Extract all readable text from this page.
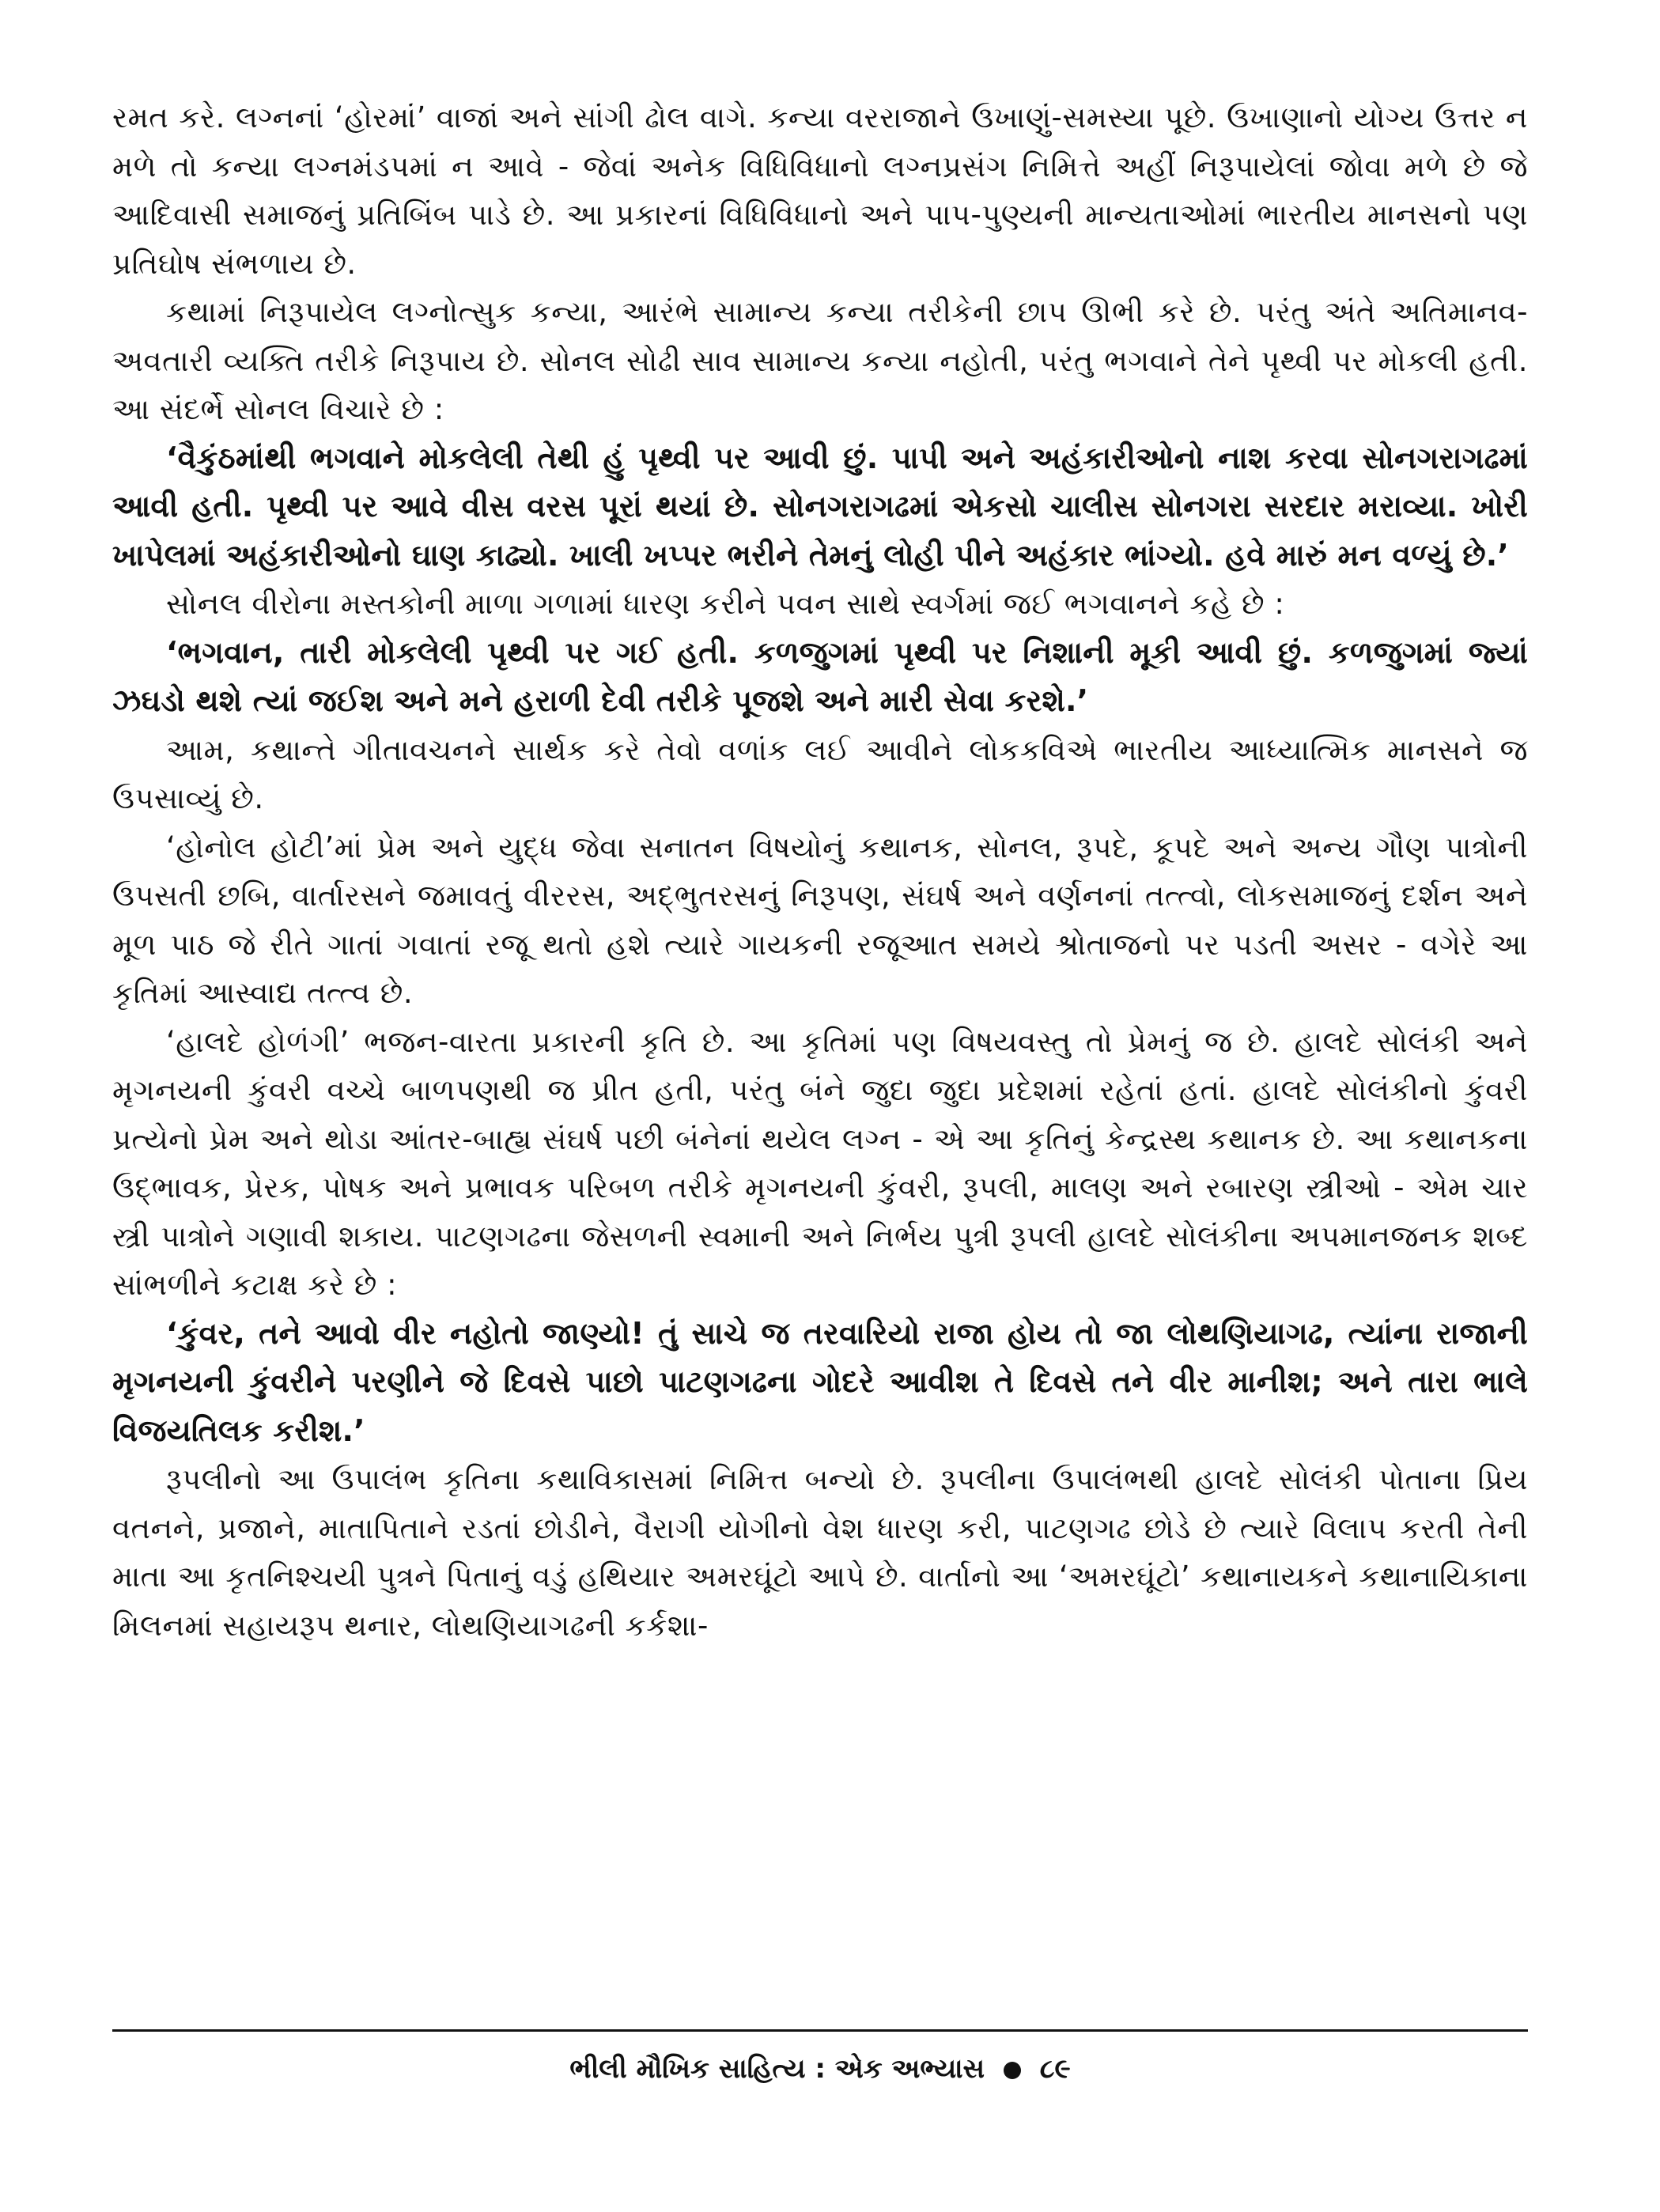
રમત કરે. લગ્નનાં ‘હોરમાં’ વાજાં અને સાંગી ઢોલ વાગે. કન્યા વરરાજાને ઉખાણું-સમસ્યા પૂછે. ઉખાણાનો યોગ્ય ઉત્તર ન મળે તો કન્યા લગ્નમંડપમાં ન આવે - જેવાં અનેક વિધિવિધાનો લગ્નપ્રસંગ નિમિત્તે અહીં નિરૂપાયેલાં જોવા મળે છે જે આદિવાસી સમાજનું પ્રતિબિંબ પાડે છે. આ પ્રકારનાં વિધિવિધાનો અને પાપ-પુણ્યની માન્યતાઓમાં ભારતીય માનસનો પણ પ્રતિઘોષ સંભળાય છે.

કથામાં નિરૂપાયેલ લગ્નોત્સુક કન્યા, આરંભે સામાન્ય કન્યા તરીકેની છાપ ઊભી કરે છે. પરંતુ અંતે અતિમાનવ-અવતારી વ્યક્તિ તરીકે નિરૂપાય છે. સોનલ સોઢી સાવ સામાન્ય કન્યા નહોતી, પરંતુ ભગવાને તેને પૃથ્વી પર મોકલી હતી. આ સંદર્ભે સોનલ વિચારે છે :

‘વૈકુંઠમાંથી ભગવાને મોકલેલી તેથી હું પૃથ્વી પર આવી છું. પાપી અને અહંકારીઓનો નાશ કરવા સોનગરાગઢમાં આવી હતી. પૃથ્વી પર આવે વીસ વરસ પૂરાં થયાં છે. સોનગરાગઢમાં એકસો ચાલીસ સોનગરા સરદાર મરાવ્યા. ખોરી ખાપેલમાં અહંકારીઓનો ઘાણ કાઢ્યો. ખાલી ખપ્પર ભરીને તેમનું લોહી પીને અહંકાર ભાંગ્યો. હવે મારું મન વળ્યું છે.’

સોનલ વીરોના મસ્તકોની માળા ગળામાં ધારણ કરીને પવન સાથે સ્વર્ગમાં જઈ ભગવાનને કહે છે :

‘ભગવાન, તારી મોકલેલી પૃથ્વી પર ગઈ હતી. કળજુગમાં પૃથ્વી પર નિશાની મૂકી આવી છું. કળજુગમાં જ્યાં ઝઘડો થશે ત્યાં જઈશ અને મને હરાળી દેવી તરીકે પૂજશે અને મારી સેવા કરશે.’

આમ, કથાન્તે ગીતાવચનને સાર્થક કરે તેવો વળાંક લઈ આવીને લોકકવિએ ભારતીય આધ્યાત્મિક માનસને જ ઉપસાવ્યું છે.

‘હોનોલ હોટી’માં પ્રેમ અને યુદ્ધ જેવા સનાતન વિષયોનું કથાનક, સોનલ, રૂપદે, કૂપદે અને અન્ય ગૌણ પાત્રોની ઉપસતી છબિ, વાર્તારસને જમાવતું વીરરસ, અદ્ભુતરસનું નિરૂપણ, સંઘર્ષ અને વર્ણનનાં તત્ત્વો, લોકસમાજનું દર્શન અને મૂળ પાઠ જે રીતે ગાતાં ગવાતાં રજૂ થતો હશે ત્યારે ગાયકની રજૂઆત સમયે શ્રોતાજનો પર પડતી અસર - વગેરે આ કૃતિમાં આસ્વાદ્ય તત્ત્વ છે.

‘હાલદે હોળંગી’ ભજન-વારતા પ્રકારની કૃતિ છે. આ કૃતિમાં પણ વિષયવસ્તુ તો પ્રેમનું જ છે. હાલદે સોલંકી અને મૃગનયની કુંવરી વચ્ચે બાળપણથી જ પ્રીત હતી, પરંતુ બંને જુદા જુદા પ્રદેશમાં રહેતાં હતાં. હાલદે સોલંકીનો કુંવરી પ્રત્યેનો પ્રેમ અને થોડા આંતર-બાહ્ય સંઘર્ષ પછી બંનેનાં થયેલ લગ્ન - એ આ કૃતિનું કેન્દ્રસ્થ કથાનક છે. આ કથાનકના ઉદ્ભાવક, પ્રેરક, પોષક અને પ્રભાવક પરિબળ તરીકે મૃગનયની કુંવરી, રૂપલી, માલણ અને રબારણ સ્ત્રીઓ - એમ ચાર સ્ત્રી પાત્રોને ગણાવી શકાય. પાટણગઢના જેસળની સ્વમાની અને નિર્ભય પુત્રી રૂપલી હાલદે સોલંકીના અપમાનજનક શબ્દ સાંભળીને કટાક્ષ કરે છે :

‘કુંવર, તને આવો વીર નહોતો જાણ્યો! તું સાચે જ તરવારિયો રાજા હોય તો જા લોથણિયાગઢ, ત્યાંના રાજાની મૃગનયની કુંવરીને પરણીને જે દિવસે પાછો પાટણગઢના ગોદરે આવીશ તે દિવસે તને વીર માનીશ; અને તારા ભાલે વિજયતિલક કરીશ.’

રૂપલીનો આ ઉપાલંભ કૃતિના કથાવિકાસમાં નિમિત્ત બન્યો છે. રૂપલીના ઉપાલંભથી હાલદે સોલંકી પોતાના પ્રિય વતનને, પ્રજાને, માતાપિતાને રડતાં છોડીને, વૈરાગી યોગીનો વેશ ધારણ કરી, પાટણગઢ છોડે છે ત્યારે વિલાપ કરતી તેની માતા આ કૃતનિશ્ચયી પુત્રને પિતાનું વડું હથિયાર અમરઘૂંટો આપે છે. વાર્તાનો આ ‘અમરઘૂંટો’ કથાનાયકને કથાનાયિકાના મિલનમાં સહાયરૂપ થનાર, લોથણિયાગઢની કર્કશા-

ભીલી મૌખિક સાહિત્ય : એક અભ્યાસ ૮૯
